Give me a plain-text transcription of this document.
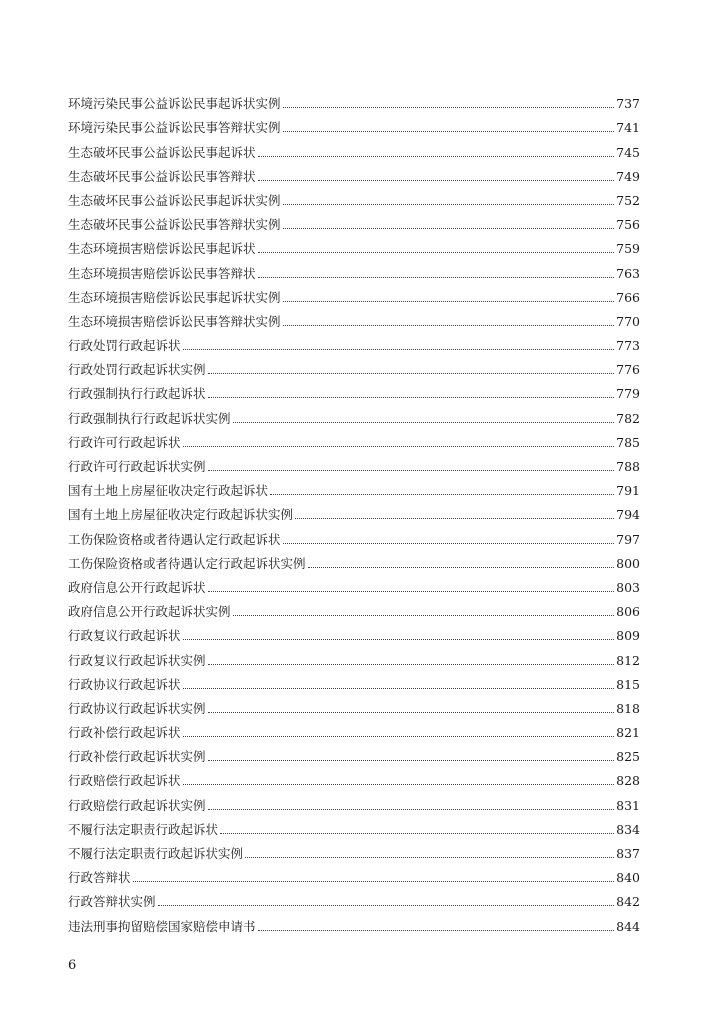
环境污染民事公益诉讼民事起诉状实例	737
环境污染民事公益诉讼民事答辩状实例	741
生态破坏民事公益诉讼民事起诉状	745
生态破坏民事公益诉讼民事答辩状	749
生态破坏民事公益诉讼民事起诉状实例	752
生态破坏民事公益诉讼民事答辩状实例	756
生态环境损害赔偿诉讼民事起诉状	759
生态环境损害赔偿诉讼民事答辩状	763
生态环境损害赔偿诉讼民事起诉状实例	766
生态环境损害赔偿诉讼民事答辩状实例	770
行政处罚行政起诉状	773
行政处罚行政起诉状实例	776
行政强制执行行政起诉状	779
行政强制执行行政起诉状实例	782
行政许可行政起诉状	785
行政许可行政起诉状实例	788
国有土地上房屋征收决定行政起诉状	791
国有土地上房屋征收决定行政起诉状实例	794
工伤保险资格或者待遇认定行政起诉状	797
工伤保险资格或者待遇认定行政起诉状实例	800
政府信息公开行政起诉状	803
政府信息公开行政起诉状实例	806
行政复议行政起诉状	809
行政复议行政起诉状实例	812
行政协议行政起诉状	815
行政协议行政起诉状实例	818
行政补偿行政起诉状	821
行政补偿行政起诉状实例	825
行政赔偿行政起诉状	828
行政赔偿行政起诉状实例	831
不履行法定职责行政起诉状	834
不履行法定职责行政起诉状实例	837
行政答辩状	840
行政答辩状实例	842
违法刑事拘留赔偿国家赔偿申请书	844
6
